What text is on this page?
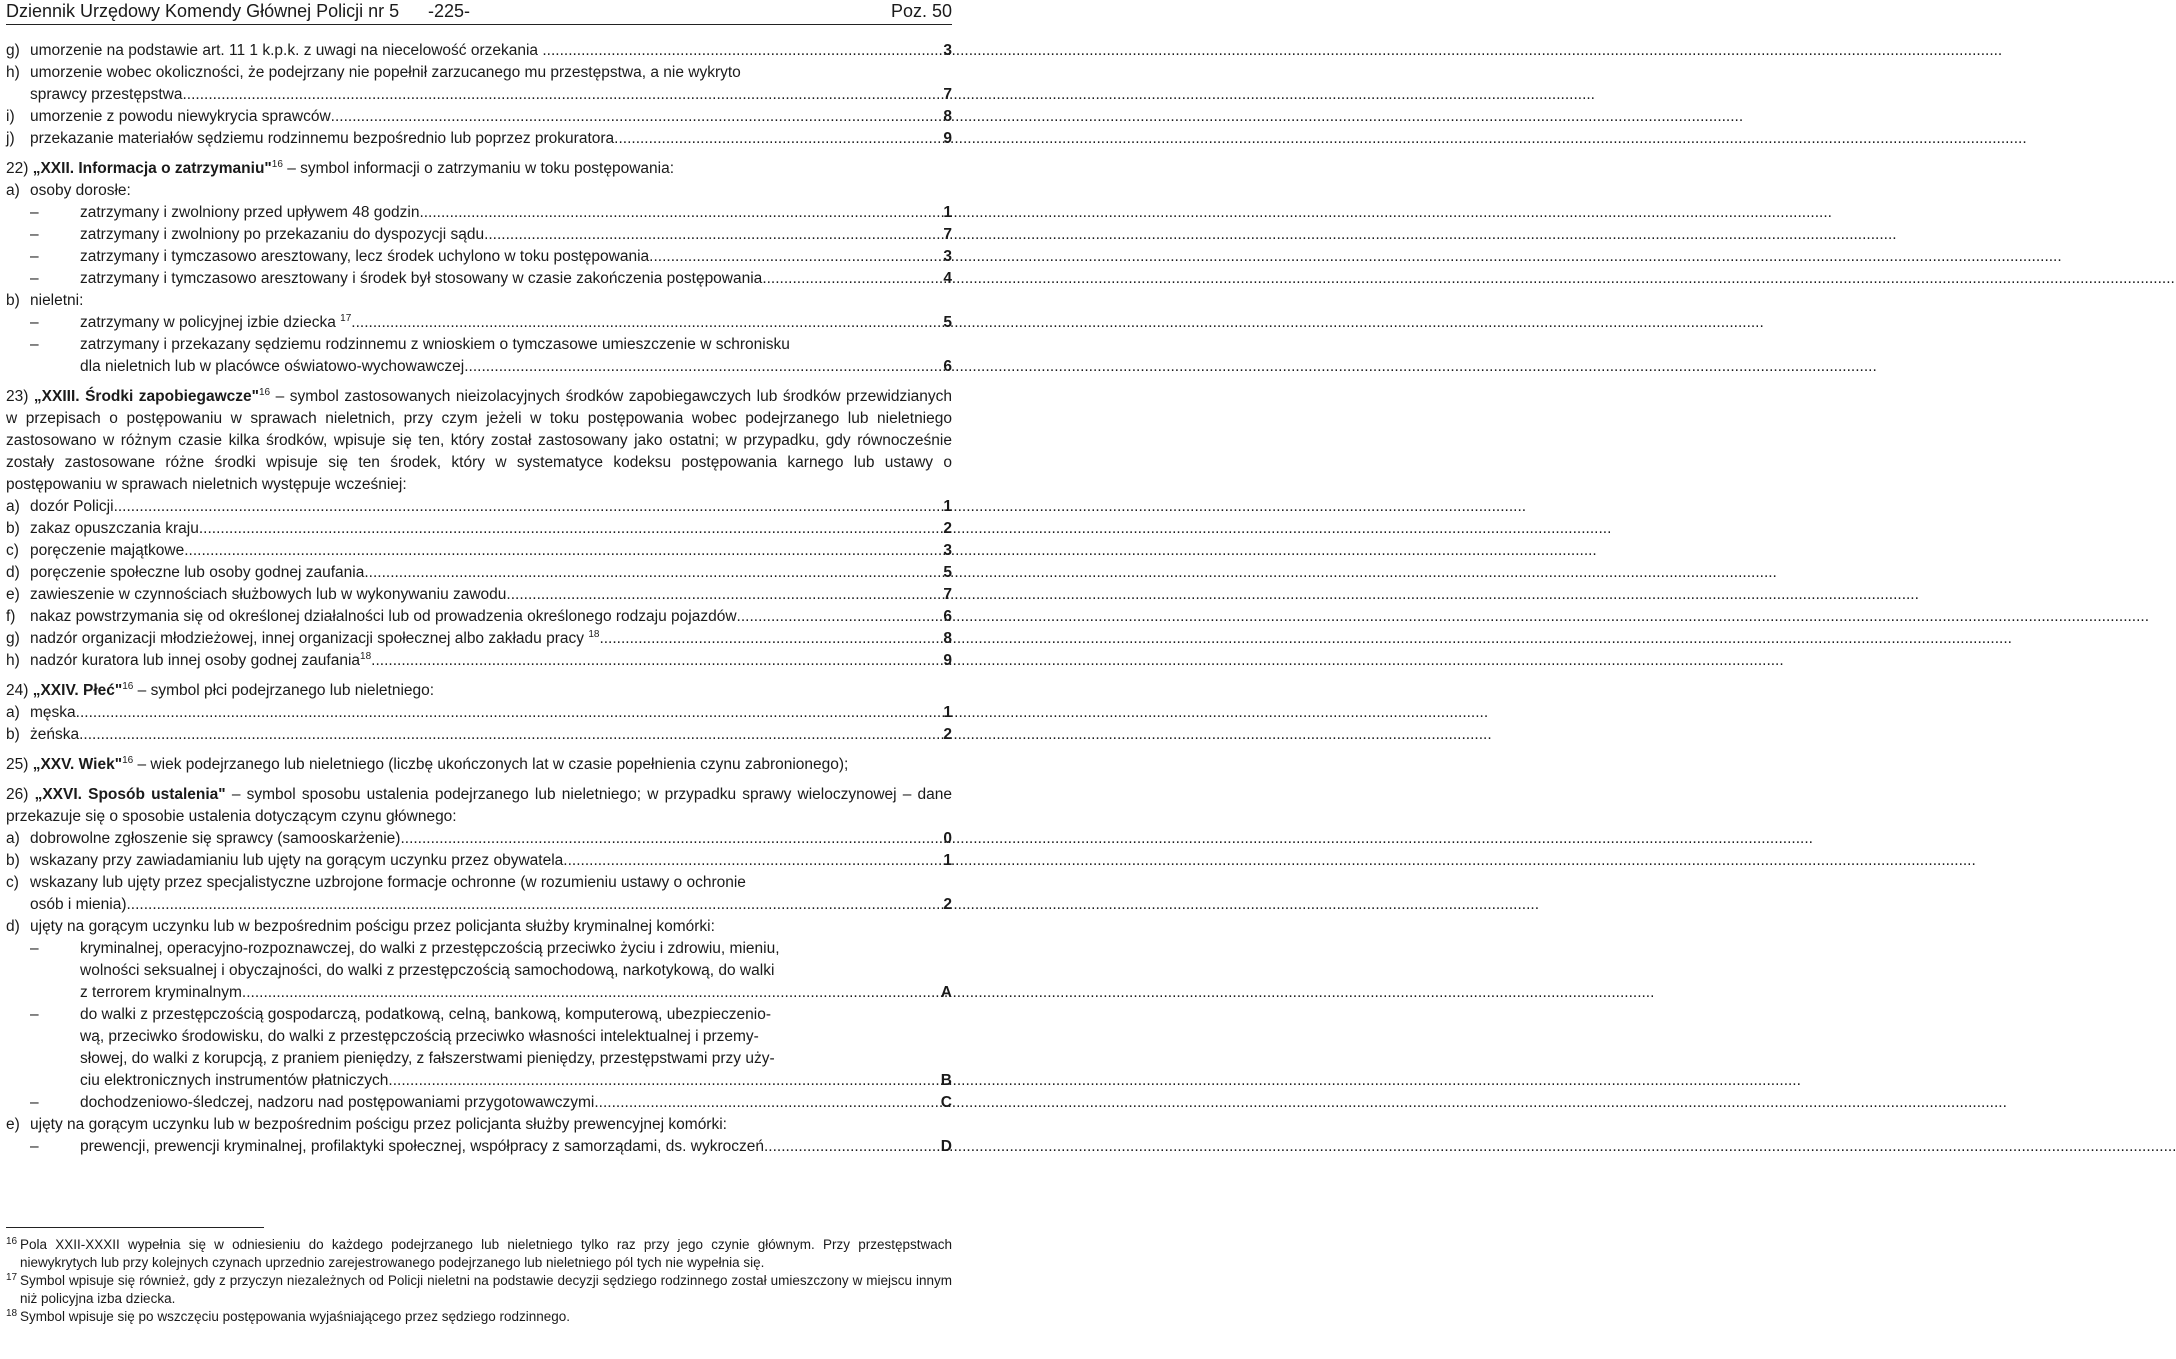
Dziennik Urzędowy Komendy Głównej Policji nr 5 -225-	Poz. 50
g) umorzenie na podstawie art. 11 1 k.p.k. z uwagi na niecelowość orzekania ........... .....	3
h) umorzenie wobec okoliczności, że podejrzany nie popełnił zarzucanego mu przestępstwa, a nie wykryto
sprawcy przestępstwa .....	7
i) umorzenie z powodu niewykrycia sprawców .....	8
j) przekazanie materiałów sędziemu rodzinnemu bezpośrednio lub poprzez prokuratora .....	9
22) „XXII. Informacja o zatrzymaniu"$^{16}$ – symbol informacji o zatrzymaniu w toku postępowania:
a) osoby dorosłe:
–	zatrzymany i zwolniony przed upływem 48 godzin .....	1
–	zatrzymany i zwolniony po przekazaniu do dyspozycji sądu .....	7
–	zatrzymany i tymczasowo aresztowany, lecz środek uchylono w toku postępowania .....	3
–	zatrzymany i tymczasowo aresztowany i środek był stosowany w czasie zakończenia postępowania .....	4
b) nieletni:
–	zatrzymany w policyjnej izbie dziecka $^{17}$ .....	5
–	zatrzymany i przekazany sędziemu rodzinnemu z wnioskiem o tymczasowe umieszczenie w schronisku
dla nieletnich lub w placówce oświatowo-wychowawczej .....	6
23) „XXIII. Środki zapobiegawcze"$^{16}$ – symbol zastosowanych nieizolacyjnych środków zapobiegawczych lub środków przewidzianych w przepisach o postępowaniu w sprawach nieletnich, przy czym jeżeli w toku postępowania wobec podejrzanego lub nieletniego zastosowano w różnym czasie kilka środków, wpisuje się ten, który został zastosowany jako ostatni; w przypadku, gdy równocześnie zostały zastosowane różne środki wpisuje się ten środek, który w systematyce kodeksu postępowania karnego lub ustawy o postępowaniu w sprawach nieletnich występuje wcześniej:
a) dozór Policji .....	1
b) zakaz opuszczania kraju .....	2
c) poręczenie majątkowe .....	3
d) poręczenie społeczne lub osoby godnej zaufania .....	5
e) zawieszenie w czynnościach służbowych lub w wykonywaniu zawodu .....	7
f) nakaz powstrzymania się od określonej działalności lub od prowadzenia określonego rodzaju pojazdów .....	6
g) nadzór organizacji młodzieżowej, innej organizacji społecznej albo zakładu pracy $^{18}$ .....	8
h) nadzór kuratora lub innej osoby godnej zaufania$^{18}$ .....	9
24) „XXIV. Płeć"$^{16}$ – symbol płci podejrzanego lub nieletniego:
a) męska .....	1
b) żeńska .....	2
25) „XXV. Wiek"$^{16}$ – wiek podejrzanego lub nieletniego (liczbę ukończonych lat w czasie popełnienia czynu zabronionego);
26) „XXVI. Sposób ustalenia" – symbol sposobu ustalenia podejrzanego lub nieletniego; w przypadku sprawy wieloczynowej – dane przekazuje się o sposobie ustalenia dotyczącym czynu głównego:
a) dobrowolne zgłoszenie się sprawcy (samooskarżenie) .....	0
b) wskazany przy zawiadamianiu lub ujęty na gorącym uczynku przez obywatela .....	1
c) wskazany lub ujęty przez specjalistyczne uzbrojone formacje ochronne (w rozumieniu ustawy o ochronie
osób i mienia) .....	2
d) ujęty na gorącym uczynku lub w bezpośrednim pościgu przez policjanta służby kryminalnej komórki:
–	kryminalnej, operacyjno-rozpoznawczej, do walki z przestępczością przeciwko życiu i zdrowiu, mieniu,
wolności seksualnej i obyczajności, do walki z przestępczością samochodową, narkotykową, do walki
z terrorem kryminalnym .....	A
–	do walki z przestępczością gospodarczą, podatkową, celną, bankową, komputerową, ubezpieczenio-
wą, przeciwko środowisku, do walki z przestępczością przeciwko własności intelektualnej i przemy-
słowej, do walki z korupcją, z praniem pieniędzy, z fałszerstwami pieniędzy, przestępstwami przy uży-
ciu elektronicznych instrumentów płatniczych .....	B
–	dochodzeniowo-śledczej, nadzoru nad postępowaniami przygotowawczymi .....	C
e) ujęty na gorącym uczynku lub w bezpośrednim pościgu przez policjanta służby prewencyjnej komórki:
–	prewencji, prewencji kryminalnej, profilaktyki społecznej, współpracy z samorządami, ds. wykroczeń .....	D
16 Pola XXII-XXXII wypełnia się w odniesieniu do każdego podejrzanego lub nieletniego tylko raz przy jego czynie głównym. Przy przestępstwach niewykrytych lub przy kolejnych czynach uprzednio zarejestrowanego podejrzanego lub nieletniego pól tych nie wypełnia się.
17 Symbol wpisuje się również, gdy z przyczyn niezależnych od Policji nieletni na podstawie decyzji sędziego rodzinnego został umieszczony w miejscu innym niż policyjna izba dziecka.
18 Symbol wpisuje się po wszczęciu postępowania wyjaśniającego przez sędziego rodzinnego.
